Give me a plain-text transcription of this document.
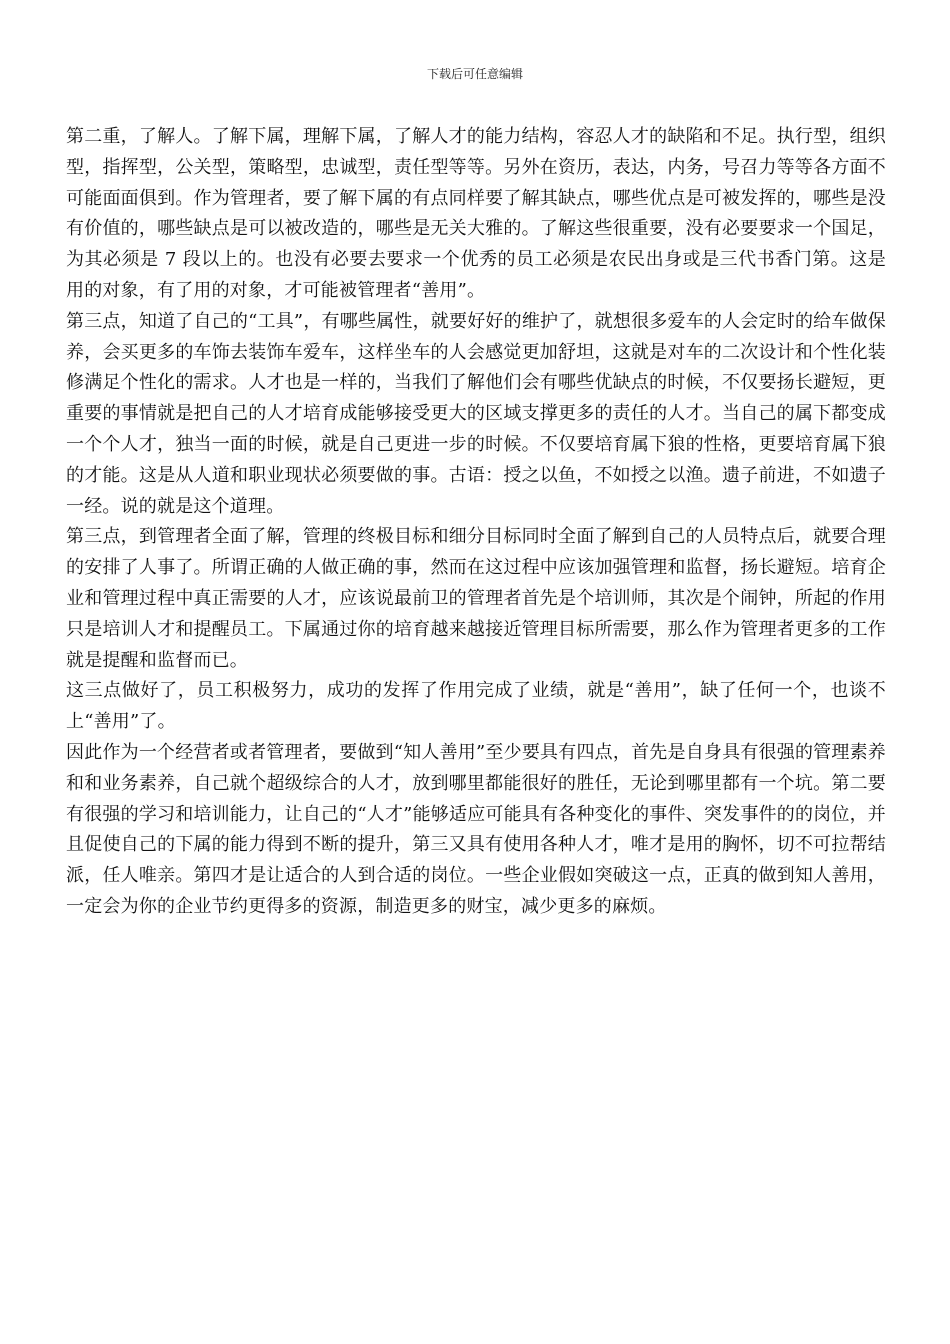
下载后可任意编辑

第二重，了解人。了解下属，理解下属，了解人才的能力结构，容忍人才的缺陷和不足。执行型，组织型，指挥型，公关型，策略型，忠诚型，责任型等等。另外在资历，表达，内务，号召力等等各方面不可能面面俱到。作为管理者，要了解下属的有点同样要了解其缺点，哪些优点是可被发挥的，哪些是没有价值的，哪些缺点是可以被改造的，哪些是无关大雅的。了解这些很重要，没有必要要求一个国足，为其必须是 7 段以上的。也没有必要去要求一个优秀的员工必须是农民出身或是三代书香门第。这是用的对象，有了用的对象，才可能被管理者“善用”。

第三点，知道了自己的“工具”，有哪些属性，就要好好的维护了，就想很多爱车的人会定时的给车做保养，会买更多的车饰去装饰车爱车，这样坐车的人会感觉更加舒坦，这就是对车的二次设计和个性化装修满足个性化的需求。人才也是一样的，当我们了解他们会有哪些优缺点的时候，不仅要扬长避短，更重要的事情就是把自己的人才培育成能够接受更大的区域支撑更多的责任的人才。当自己的属下都变成一个个人才，独当一面的时候，就是自己更进一步的时候。不仅要培育属下狼的性格，更要培育属下狼的才能。这是从人道和职业现状必须要做的事。古语：授之以鱼，不如授之以渔。遗子前进，不如遗子一经。说的就是这个道理。

第三点，到管理者全面了解，管理的终极目标和细分目标同时全面了解到自己的人员特点后，就要合理的安排了人事了。所谓正确的人做正确的事，然而在这过程中应该加强管理和监督，扬长避短。培育企业和管理过程中真正需要的人才，应该说最前卫的管理者首先是个培训师，其次是个闹钟，所起的作用只是培训人才和提醒员工。下属通过你的培育越来越接近管理目标所需要，那么作为管理者更多的工作就是提醒和监督而已。

这三点做好了，员工积极努力，成功的发挥了作用完成了业绩，就是“善用”，缺了任何一个，也谈不上“善用”了。

因此作为一个经营者或者管理者，要做到“知人善用”至少要具有四点，首先是自身具有很强的管理素养和和业务素养，自己就个超级综合的人才，放到哪里都能很好的胜任，无论到哪里都有一个坑。第二要有很强的学习和培训能力，让自己的“人才”能够适应可能具有各种变化的事件、突发事件的的岗位，并且促使自己的下属的能力得到不断的提升，第三又具有使用各种人才，唯才是用的胸怀，切不可拉帮结派，任人唯亲。第四才是让适合的人到合适的岗位。一些企业假如突破这一点，正真的做到知人善用，一定会为你的企业节约更得多的资源，制造更多的财宝，减少更多的麻烦。
